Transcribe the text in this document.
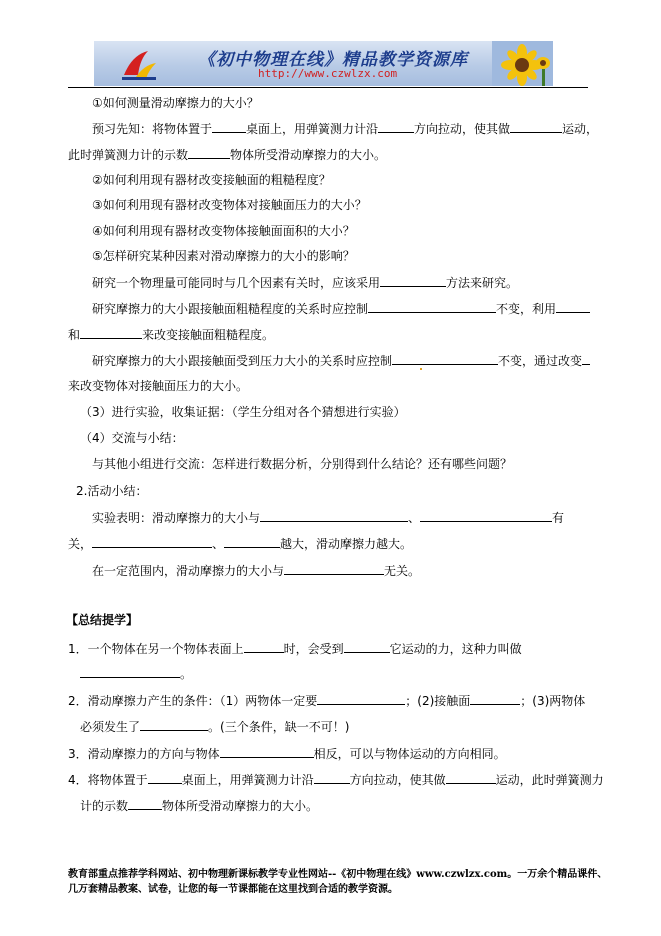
《初中物理在线》精品教学资源库
http://www.czwlzx.com
①如何测量滑动摩擦力的大小？
预习先知：将物体置于	桌面上，用弹簧测力计沿	方向拉动，使其做	运动，
此时弹簧测力计的示数	物体所受滑动摩擦力的大小。
②如何利用现有器材改变接触面的粗糙程度？
③如何利用现有器材改变物体对接触面压力的大小？
④如何利用现有器材改变物体接触面面积的大小？
⑤怎样研究某种因素对滑动摩擦力的大小的影响？
研究一个物理量可能同时与几个因素有关时，应该采用	方法来研究。
研究摩擦力的大小跟接触面粗糙程度的关系时应控制	不变，利用
和	来改变接触面粗糙程度。
研究摩擦力的大小跟接触面受到压力大小的关系时应控制	不变，通过改变
来改变物体对接触面压力的大小。
（3）进行实验，收集证据：（学生分组对各个猜想进行实验）
（4）交流与小结：
与其他小组进行交流：怎样进行数据分析，分别得到什么结论？还有哪些问题？
2.活动小结：
实验表明：滑动摩擦力的大小与	、	有
关，	、	越大，滑动摩擦力越大。
在一定范围内，滑动摩擦力的大小与	无关。
【总结提学】
1．一个物体在另一个物体表面上	时，会受到	它运动的力，这种力叫做
。
2．滑动摩擦力产生的条件：（1）两物体一定要	；(2)接触面	；(3)两物体
必须发生了	。(三个条件，缺一不可！)
3．滑动摩擦力的方向与物体	相反，可以与物体运动的方向相同。
4．将物体置于	桌面上，用弹簧测力计沿	方向拉动，使其做	运动，此时弹簧测力
计的示数	物体所受滑动摩擦力的大小。
教育部重点推荐学科网站、初中物理新课标教学专业性网站--《初中物理在线》www.czwlzx.com。一万余个精品课件、
几万套精品教案、试卷，让您的每一节课都能在这里找到合适的教学资源。
